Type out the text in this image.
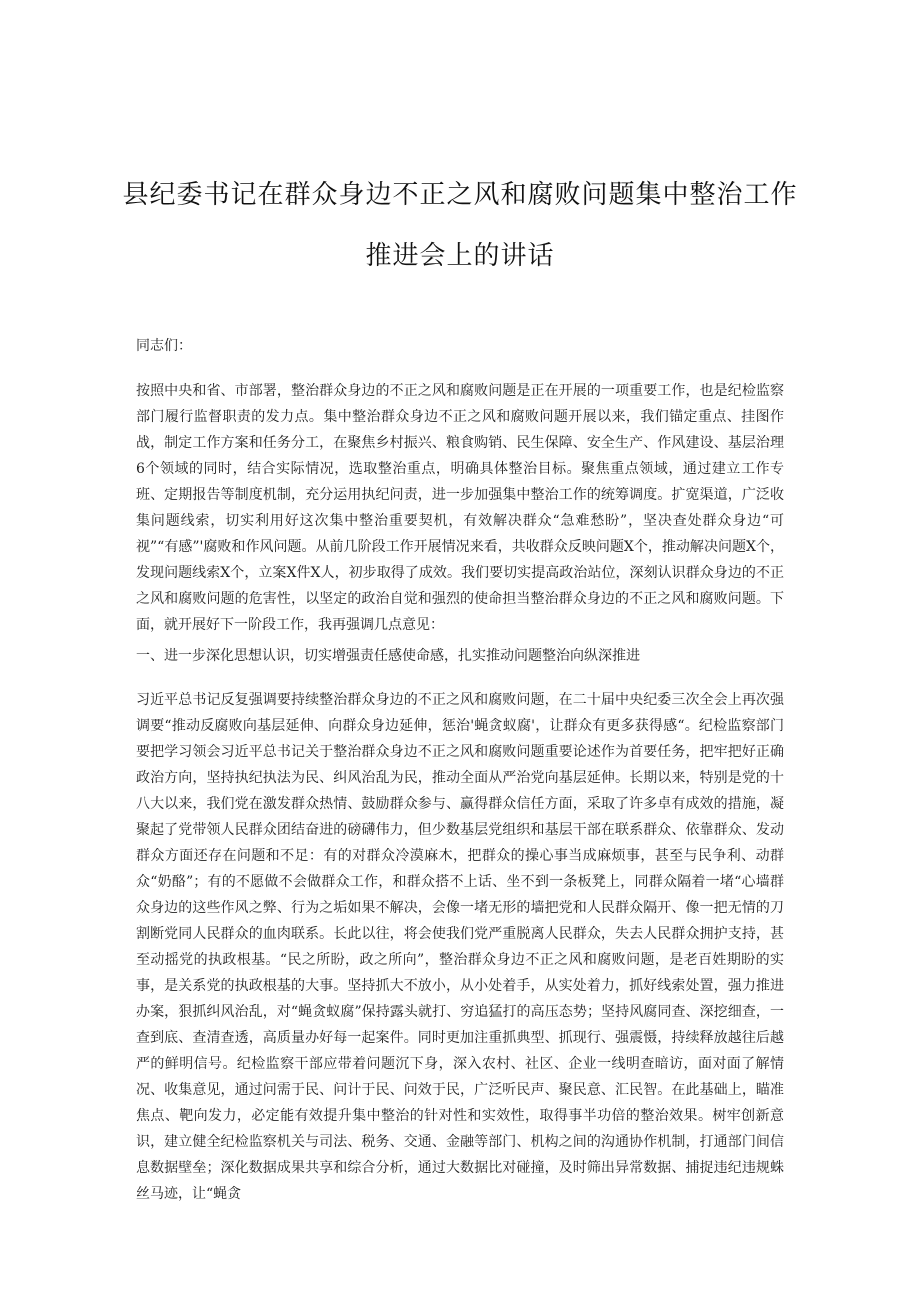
县纪委书记在群众身边不正之风和腐败问题集中整治工作
推进会上的讲话

同志们：

按照中央和省、市部署，整治群众身边的不正之风和腐败问题是正在开展的一项重要工作，也是纪检监察部门履行监督职责的发力点。集中整治群众身边不正之风和腐败问题开展以来，我们锚定重点、挂图作战，制定工作方案和任务分工，在聚焦乡村振兴、粮食购销、民生保障、安全生产、作风建设、基层治理6个领域的同时，结合实际情况，选取整治重点，明确具体整治目标。聚焦重点领域，通过建立工作专班、定期报告等制度机制，充分运用执纪问责，进一步加强集中整治工作的统筹调度。扩宽渠道，广泛收集问题线索，切实利用好这次集中整治重要契机，有效解决群众“急难愁盼”，坚决查处群众身边“可视”“有感”'腐败和作风问题。从前几阶段工作开展情况来看，共收群众反映问题X个，推动解决问题X个，发现问题线索X个，立案X件X人，初步取得了成效。我们要切实提高政治站位，深刻认识群众身边的不正之风和腐败问题的危害性，以坚定的政治自觉和强烈的使命担当整治群众身边的不正之风和腐败问题。下面，就开展好下一阶段工作，我再强调几点意见：

一、进一步深化思想认识，切实增强责任感使命感，扎实推动问题整治向纵深推进

习近平总书记反复强调要持续整治群众身边的不正之风和腐败问题，在二十届中央纪委三次全会上再次强调要“推动反腐败向基层延伸、向群众身边延伸，惩治'蝇贪蚁腐'，让群众有更多获得感“。纪检监察部门要把学习领会习近平总书记关于整治群众身边不正之风和腐败问题重要论述作为首要任务，把牢把好正确政治方向，坚持执纪执法为民、纠风治乱为民，推动全面从严治党向基层延伸。长期以来，特别是党的十八大以来，我们党在激发群众热情、鼓励群众参与、赢得群众信任方面，采取了许多卓有成效的措施，凝聚起了党带领人民群众团结奋进的磅礴伟力，但少数基层党组织和基层干部在联系群众、依靠群众、发动群众方面还存在问题和不足：有的对群众冷漠麻木，把群众的操心事当成麻烦事，甚至与民争利、动群众“奶酪”；有的不愿做不会做群众工作，和群众搭不上话、坐不到一条板凳上，同群众隔着一堵“心墙群众身边的这些作风之弊、行为之垢如果不解决，会像一堵无形的墙把党和人民群众隔开、像一把无情的刀割断党同人民群众的血肉联系。长此以往，将会使我们党严重脱离人民群众，失去人民群众拥护支持，甚至动摇党的执政根基。“民之所盼，政之所向”，整治群众身边不正之风和腐败问题，是老百姓期盼的实事，是关系党的执政根基的大事。坚持抓大不放小，从小处着手，从实处着力，抓好线索处置，强力推进办案，狠抓纠风治乱，对“蝇贪蚁腐”保持露头就打、穷追猛打的高压态势；坚持风腐同查、深挖细查，一查到底、查清查透，高质量办好每一起案件。同时更加注重抓典型、抓现行、强震慑，持续释放越往后越严的鲜明信号。纪检监察干部应带着问题沉下身，深入农村、社区、企业一线明查暗访，面对面了解情况、收集意见，通过问需于民、问计于民、问效于民，广泛听民声、聚民意、汇民智。在此基础上，瞄准焦点、靶向发力，必定能有效提升集中整治的针对性和实效性，取得事半功倍的整治效果。树牢创新意识，建立健全纪检监察机关与司法、税务、交通、金融等部门、机构之间的沟通协作机制，打通部门间信息数据壁垒；深化数据成果共享和综合分析，通过大数据比对碰撞，及时筛出异常数据、捕捉违纪违规蛛丝马迹，让“蝇贪
